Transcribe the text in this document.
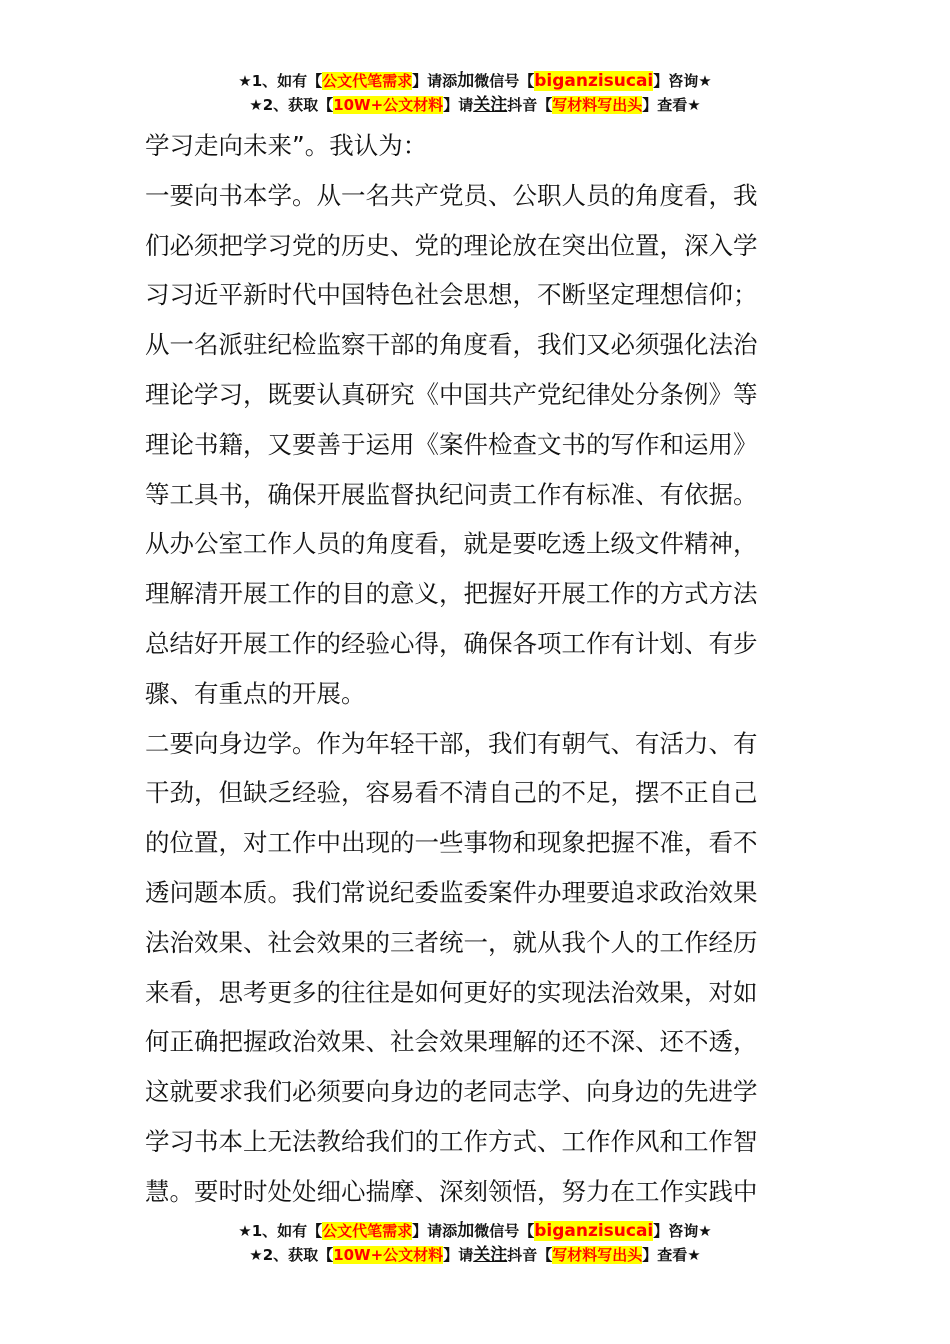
★1、如有【公文代笔需求】请添加微信号【biganzisucai】咨询★
★2、获取【10W+公文材料】请关注抖音【写材料写出头】查看★

学习走向未来”。我认为：

一要向书本学。从一名共产党员、公职人员的角度看，我

们必须把学习党的历史、党的理论放在突出位置，深入学

习习近平新时代中国特色社会思想，不断坚定理想信仰；

从一名派驻纪检监察干部的角度看，我们又必须强化法治

理论学习，既要认真研究《中国共产党纪律处分条例》等

理论书籍，又要善于运用《案件检查文书的写作和运用》

等工具书，确保开展监督执纪问责工作有标准、有依据。

从办公室工作人员的角度看，就是要吃透上级文件精神，

理解清开展工作的目的意义，把握好开展工作的方式方法

总结好开展工作的经验心得，确保各项工作有计划、有步

骤、有重点的开展。

二要向身边学。作为年轻干部，我们有朝气、有活力、有

干劲，但缺乏经验，容易看不清自己的不足，摆不正自己

的位置，对工作中出现的一些事物和现象把握不准，看不

透问题本质。我们常说纪委监委案件办理要追求政治效果

法治效果、社会效果的三者统一，就从我个人的工作经历

来看，思考更多的往往是如何更好的实现法治效果，对如

何正确把握政治效果、社会效果理解的还不深、还不透，

这就要求我们必须要向身边的老同志学、向身边的先进学

学习书本上无法教给我们的工作方式、工作作风和工作智

慧。要时时处处细心揣摩、深刻领悟，努力在工作实践中

★1、如有【公文代笔需求】请添加微信号【biganzisucai】咨询★
★2、获取【10W+公文材料】请关注抖音【写材料写出头】查看★
